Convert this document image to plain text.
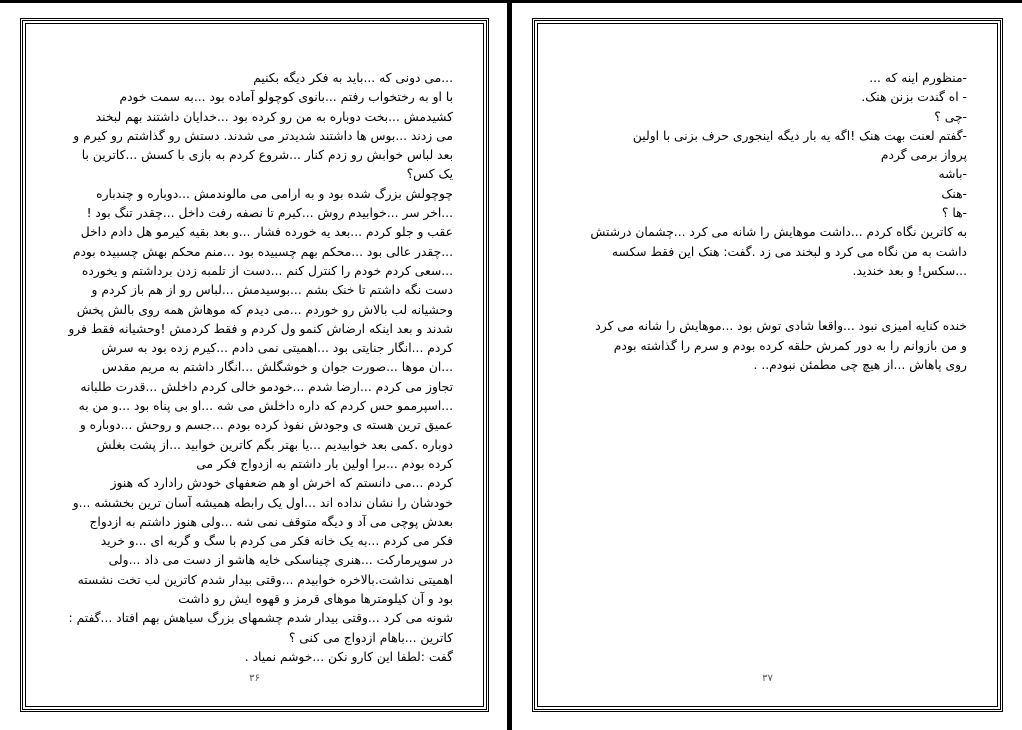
...می دونی که ...باید به فکر دیگه بکنیم
با او به رختخواب رفتم ...بانوی کوچولو آماده بود ...به سمت خودم
کشیدمش ...بخت دوباره به من رو کرده بود ...خدایان داشتند بهم لبخند
می زدند ...بوس ها داشتند شدیدتر می شدند. دستش رو گذاشتم رو کیرم و
بعد لباس خوابش رو زدم کنار ...شروع کردم به بازی با کسش ...کاترین با
یک کس؟
چوچولش بزرگ شده بود و به ارامی می مالوندمش ...دوباره و چندباره
...اخر سر ...خوابیدم روش ...کیرم تا نصفه رفت داخل ...چقدر تنگ بود !
عقب و جلو کردم ...بعد یه خورده فشار ...و بعد بقیه کیرمو هل دادم داخل
...چقدر عالی بود ...محکم بهم چسبیده بود ...منم محکم بهش چسبیده بودم
...سعی کردم خودم را کنترل کنم ...دست از تلمبه زدن برداشتم و یخورده
دست نگه داشتم تا خنک بشم ...بوسیدمش ...لباس رو از هم باز کردم و
وحشیانه لب بالاش رو خوردم ...می دیدم که موهاش همه روی بالش پخش
شدند و بعد اینکه ارضاش کنمو ول کردم و فقط کردمش !وحشیانه فقط فرو
کردم ...انگار جنایتی بود ...اهمیتی نمی دادم ...کیرم زده بود به سرش
...ان موها ...صورت جوان و خوشگلش ...انگار داشتم به مریم مقدس
تجاوز می کردم ...ارضا شدم ...خودمو خالی کردم داخلش ...قدرت طلبانه
...اسپرممو حس کردم که داره داخلش می شه ...او بی پناه بود ...و من به
عمیق ترین هسته ی وجودش نفوذ کرده بودم ...جسم و روحش ...دوباره و
دوباره .کمی بعد خوابیدیم ...یا بهتر بگم کاترین خوابید ...از پشت بغلش
کرده بودم ...برا اولین بار داشتم به ازدواج فکر می
کردم ...می دانستم که اخرش او هم ضعفهای خودش رادارد که هنوز
خودشان را نشان نداده اند ...اول یک رابطه همیشه آسان ترین بخششه ...و
بعدش پوچی می آد و دیگه متوقف نمی شه ...ولی هنوز داشتم به ازدواج
فکر می کردم ...به یک خانه فکر می کردم با سگ و گربه ای ...و خرید
در سوپرمارکت ...هنری چیناسکی خایه هاشو از دست می داد ...ولی
اهمیتی نداشت.بالاخره خوابیدم ...وقتی بیدار شدم کاترین لب تخت نشسته
بود و آن کیلومترها موهای قرمز و قهوه ایش رو داشت
شونه می کرد ...وقتی بیدار شدم چشمهای بزرگ سیاهش بهم افتاد ...گفتم :
کاترین ...باهام ازدواج می کنی ؟
گفت :لطفا این کارو نکن ...خوشم نمیاد .
۳۶
-منظورم اینه که ...
- اه گندت بزنن هنک.
-چی ؟
-گفتم لعنت بهت هنک !اگه یه بار دیگه اینجوری حرف بزنی با اولین
پرواز برمی گردم
-باشه
-هنک
-ها ؟
به کاترین نگاه کردم ...داشت موهایش را شانه می کرد ...چشمان درشتش
داشت به من نگاه می کرد و لبخند می زد .گفت: هنک این فقط سکسه
...سکس! و بعد خندید.
خنده کنایه امیزی نبود ...واقعا شادی توش بود ...موهایش را شانه می کرد
و من بازوانم را به دور کمرش حلقه کرده بودم و سرم را گذاشته بودم
روی پاهاش ...از هیچ چی مطمئن نبودم.. .
۳۷
